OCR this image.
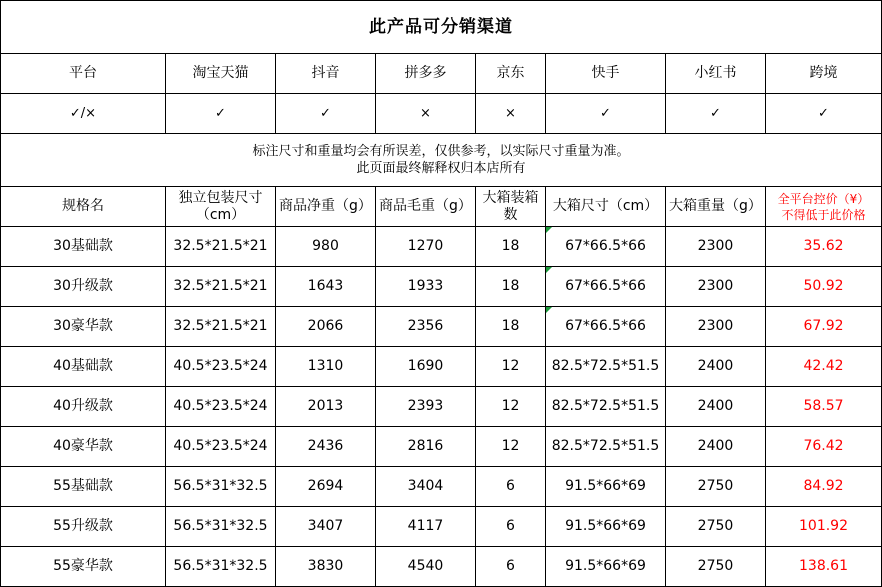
此产品可分销渠道							
平台	淘宝天猫	抖音	拼多多	京东	快手	小红书	跨境
✓/×	✓	✓	×	×	✓	✓	✓

标注尺寸和重量均会有所误差，仅供参考，以实际尺寸重量为准。
此页面最终解释权归本店所有							

规格名	独立包装尺寸（cm）	商品净重（g）	商品毛重（g）	大箱装箱数	大箱尺寸（cm）	大箱重量（g）	全平台控价（¥）
不得低于此价格

30基础款	32.5*21.5*21	980	1270	18	67*66.5*66	2300	35.62
30升级款	32.5*21.5*21	1643	1933	18	67*66.5*66	2300	50.92
30豪华款	32.5*21.5*21	2066	2356	18	67*66.5*66	2300	67.92
40基础款	40.5*23.5*24	1310	1690	12	82.5*72.5*51.5	2400	42.42
40升级款	40.5*23.5*24	2013	2393	12	82.5*72.5*51.5	2400	58.57
40豪华款	40.5*23.5*24	2436	2816	12	82.5*72.5*51.5	2400	76.42
55基础款	56.5*31*32.5	2694	3404	6	91.5*66*69	2750	84.92
55升级款	56.5*31*32.5	3407	4117	6	91.5*66*69	2750	101.92
55豪华款	56.5*31*32.5	3830	4540	6	91.5*66*69	2750	138.61
